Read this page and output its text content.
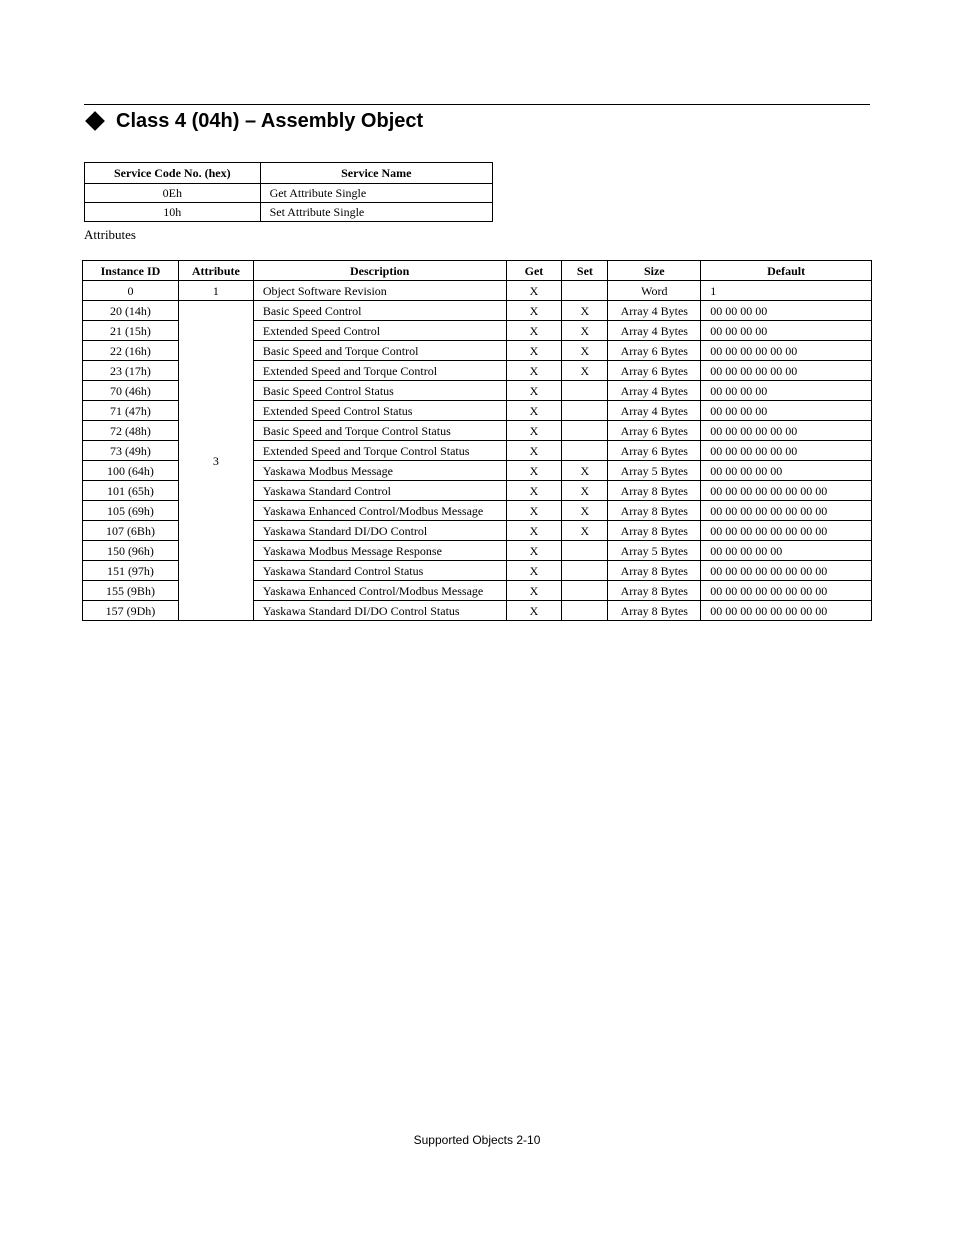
Class 4 (04h) – Assembly Object
Service Code No. (hex)	Service Name
0Eh	Get Attribute Single
10h	Set Attribute Single
Attributes
Instance ID	Attribute	Description	Get	Set	Size	Default
0	1	Object Software Revision	X		Word	1
20 (14h)	3	Basic Speed Control	X	X	Array 4 Bytes	00 00 00 00
21 (15h)		Extended Speed Control	X	X	Array 4 Bytes	00 00 00 00
22 (16h)		Basic Speed and Torque Control	X	X	Array 6 Bytes	00 00 00 00 00 00
23 (17h)		Extended Speed and Torque Control	X	X	Array 6 Bytes	00 00 00 00 00 00
70 (46h)		Basic Speed Control Status	X		Array 4 Bytes	00 00 00 00
71 (47h)		Extended Speed Control Status	X		Array 4 Bytes	00 00 00 00
72 (48h)		Basic Speed and Torque Control Status	X		Array 6 Bytes	00 00 00 00 00 00
73 (49h)		Extended Speed and Torque Control Status	X		Array 6 Bytes	00 00 00 00 00 00
100 (64h)		Yaskawa Modbus Message	X	X	Array 5 Bytes	00 00 00 00 00
101 (65h)		Yaskawa Standard Control	X	X	Array 8 Bytes	00 00 00 00 00 00 00 00
105 (69h)		Yaskawa Enhanced Control/Modbus Message	X	X	Array 8 Bytes	00 00 00 00 00 00 00 00
107 (6Bh)		Yaskawa Standard DI/DO Control	X	X	Array 8 Bytes	00 00 00 00 00 00 00 00
150 (96h)		Yaskawa Modbus Message Response	X		Array 5 Bytes	00 00 00 00 00
151 (97h)		Yaskawa Standard Control Status	X		Array 8 Bytes	00 00 00 00 00 00 00 00
155 (9Bh)		Yaskawa Enhanced Control/Modbus Message	X		Array 8 Bytes	00 00 00 00 00 00 00 00
157 (9Dh)		Yaskawa Standard DI/DO Control Status	X		Array 8 Bytes	00 00 00 00 00 00 00 00
Supported Objects 2-10
